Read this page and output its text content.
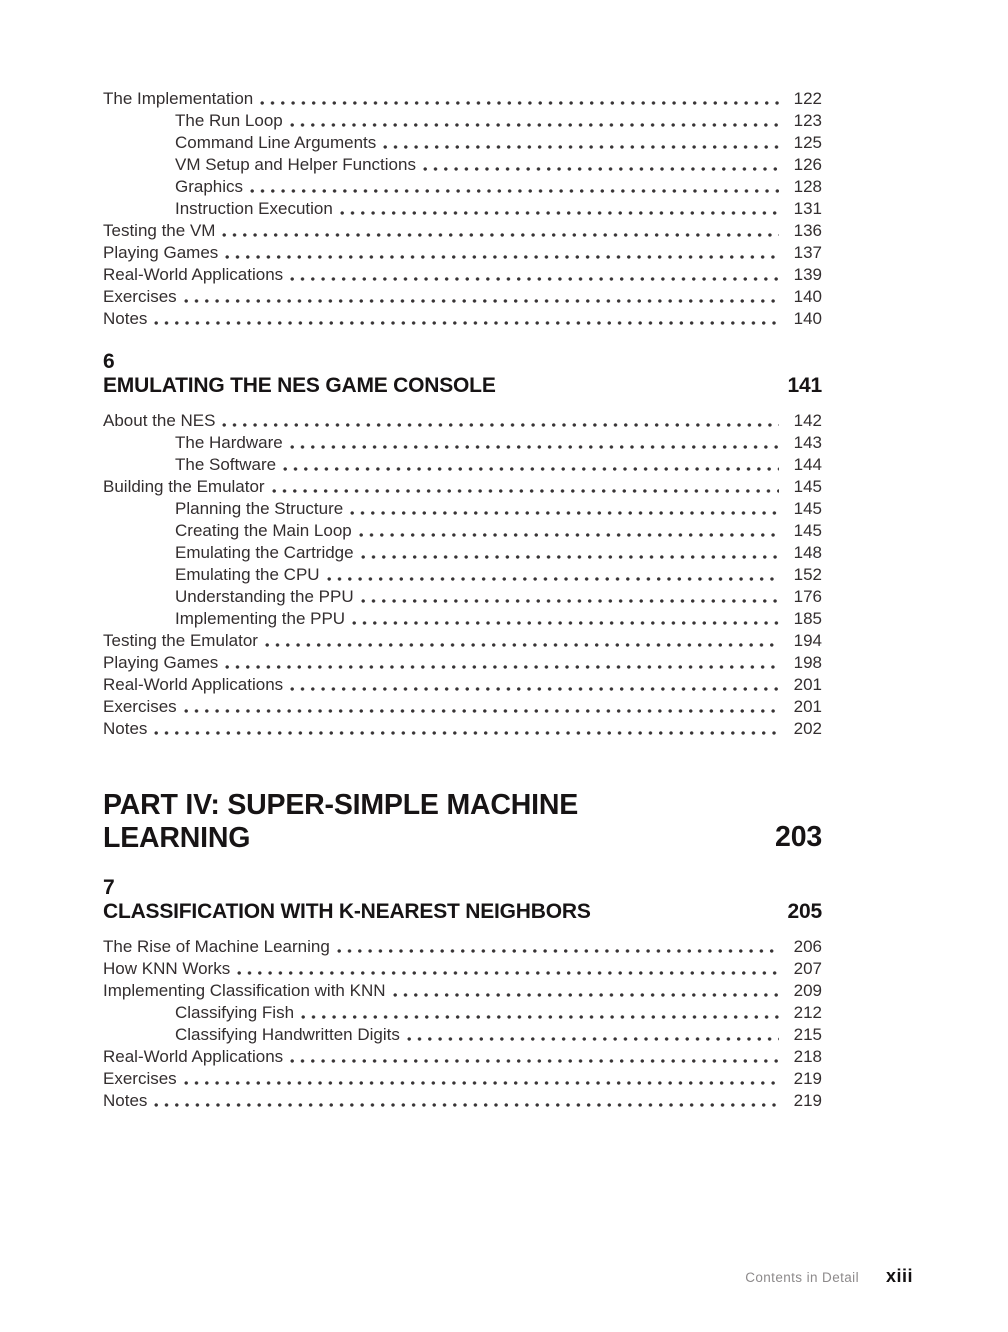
The Implementation	122
The Run Loop	123
Command Line Arguments	125
VM Setup and Helper Functions	126
Graphics	128
Instruction Execution	131
Testing the VM	136
Playing Games	137
Real-World Applications	139
Exercises	140
Notes	140
6
EMULATING THE NES GAME CONSOLE	141
About the NES	142
The Hardware	143
The Software	144
Building the Emulator	145
Planning the Structure	145
Creating the Main Loop	145
Emulating the Cartridge	148
Emulating the CPU	152
Understanding the PPU	176
Implementing the PPU	185
Testing the Emulator	194
Playing Games	198
Real-World Applications	201
Exercises	201
Notes	202
PART IV: SUPER-SIMPLE MACHINE LEARNING	203
7
CLASSIFICATION WITH K-NEAREST NEIGHBORS	205
The Rise of Machine Learning	206
How KNN Works	207
Implementing Classification with KNN	209
Classifying Fish	212
Classifying Handwritten Digits	215
Real-World Applications	218
Exercises	219
Notes	219
Contents in Detail xiii
